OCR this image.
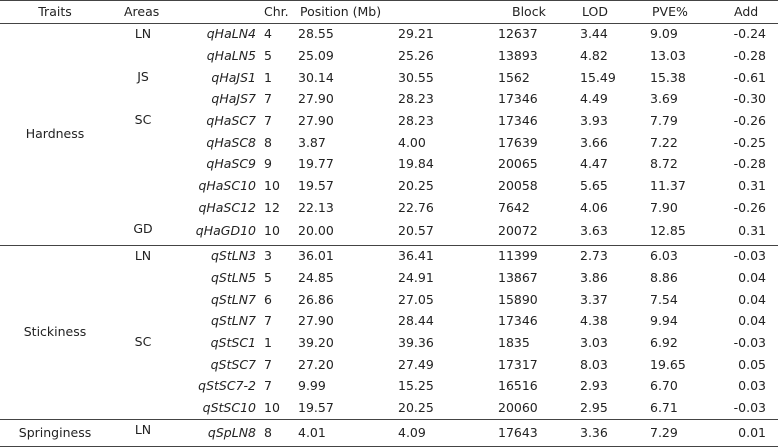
Traits	Areas		Chr.	Position (Mb)		Block	LOD	PVE%	Add
Hardness	LN	qHaLN4	4	28.55	29.21	12637	3.44	9.09	-0.24
		qHaLN5	5	25.09	25.26	13893	4.82	13.03	-0.28
	JS	qHaJS1	1	30.14	30.55	1562	15.49	15.38	-0.61
		qHaJS7	7	27.90	28.23	17346	4.49	3.69	-0.30
	SC	qHaSC7	7	27.90	28.23	17346	3.93	7.79	-0.26
		qHaSC8	8	3.87	4.00	17639	3.66	7.22	-0.25
		qHaSC9	9	19.77	19.84	20065	4.47	8.72	-0.28
		qHaSC10	10	19.57	20.25	20058	5.65	11.37	0.31
		qHaSC12	12	22.13	22.76	7642	4.06	7.90	-0.26
	GD	qHaGD10	10	20.00	20.57	20072	3.63	12.85	0.31
Stickiness	LN	qStLN3	3	36.01	36.41	11399	2.73	6.03	-0.03
		qStLN5	5	24.85	24.91	13867	3.86	8.86	0.04
		qStLN7	6	26.86	27.05	15890	3.37	7.54	0.04
		qStLN7	7	27.90	28.44	17346	4.38	9.94	0.04
	SC	qStSC1	1	39.20	39.36	1835	3.03	6.92	-0.03
		qStSC7	7	27.20	27.49	17317	8.03	19.65	0.05
		qStSC7-2	7	9.99	15.25	16516	2.93	6.70	0.03
		qStSC10	10	19.57	20.25	20060	2.95	6.71	-0.03
Springiness	LN	qSpLN8	8	4.01	4.09	17643	3.36	7.29	0.01
